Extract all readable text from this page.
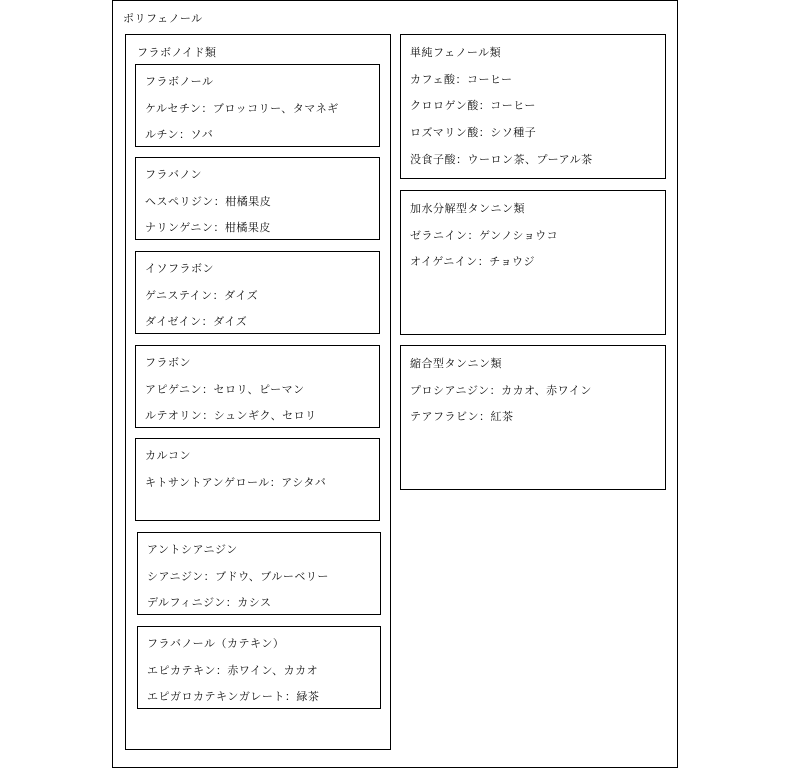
ポリフェノール
フラボノイド類
フラボノール
ケルセチン：ブロッコリー、タマネギ
ルチン：ソバ
フラバノン
ヘスペリジン：柑橘果皮
ナリンゲニン：柑橘果皮
イソフラボン
ゲニステイン：ダイズ
ダイゼイン：ダイズ
フラボン
アピゲニン：セロリ、ピーマン
ルテオリン：シュンギク、セロリ
カルコン
キトサントアンゲロール：アシタバ
アントシアニジン
シアニジン：ブドウ、ブルーベリー
デルフィニジン：カシス
フラバノール（カテキン）
エピカテキン：赤ワイン、カカオ
エピガロカテキンガレート：緑茶
単純フェノール類
カフェ酸：コーヒー
クロロゲン酸：コーヒー
ロズマリン酸：シソ種子
没食子酸：ウーロン茶、プーアル茶
加水分解型タンニン類
ゼラニイン：ゲンノショウコ
オイゲニイン：チョウジ
縮合型タンニン類
プロシアニジン：カカオ、赤ワイン
テアフラビン：紅茶
